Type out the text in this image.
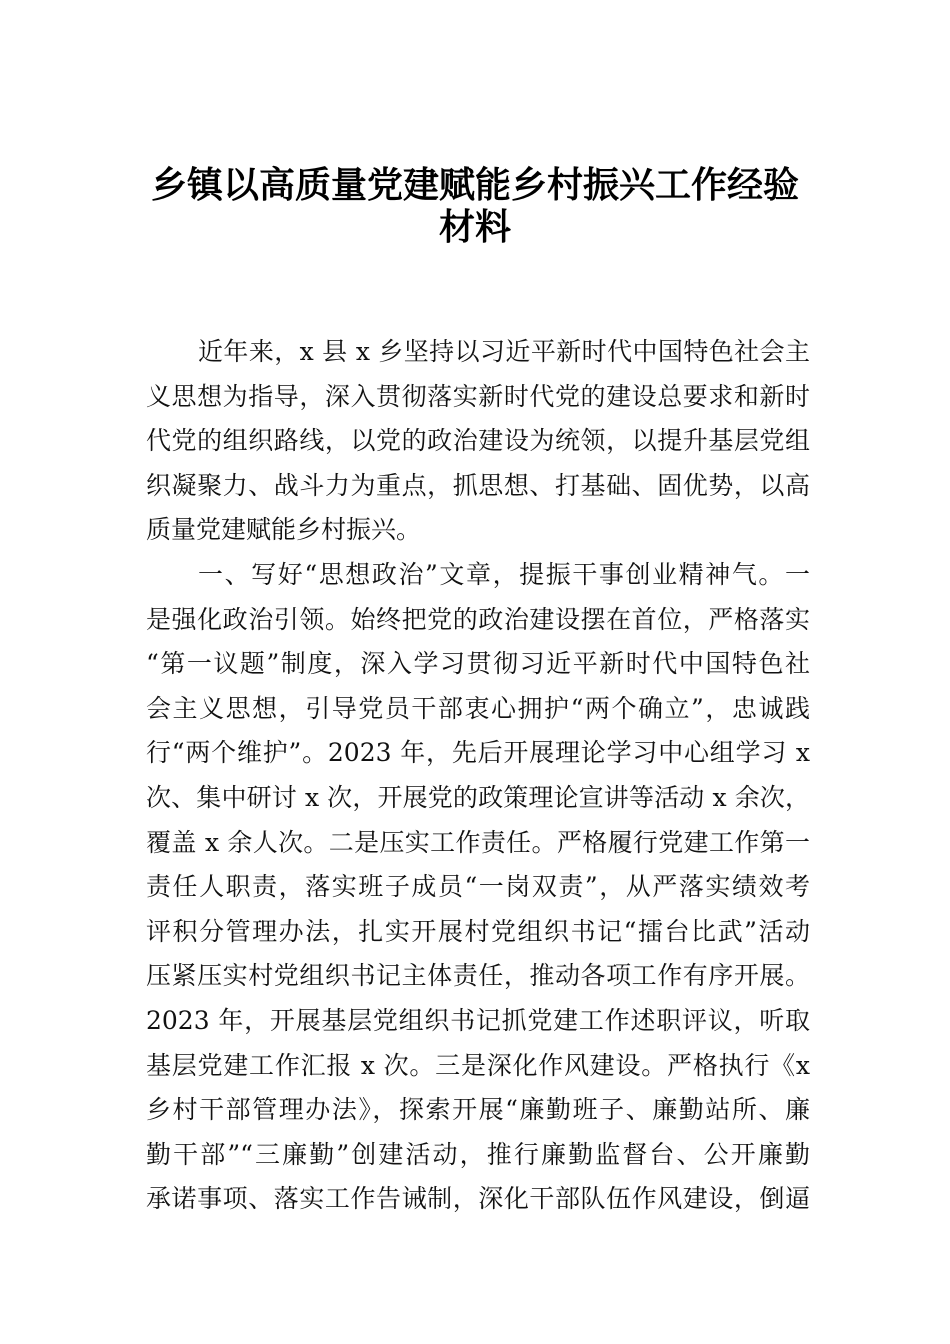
乡镇以高质量党建赋能乡村振兴工作经验
材料
近年来，x 县 x 乡坚持以习近平新时代中国特色社会主
义思想为指导，深入贯彻落实新时代党的建设总要求和新时
代党的组织路线，以党的政治建设为统领，以提升基层党组
织凝聚力、战斗力为重点，抓思想、打基础、固优势，以高
质量党建赋能乡村振兴。
一、写好“思想政治”文章，提振干事创业精神气。一
是强化政治引领。始终把党的政治建设摆在首位，严格落实
“第一议题”制度，深入学习贯彻习近平新时代中国特色社
会主义思想，引导党员干部衷心拥护“两个确立”，忠诚践
行“两个维护”。2023 年，先后开展理论学习中心组学习 x
次、集中研讨 x 次，开展党的政策理论宣讲等活动 x 余次，
覆盖 x 余人次。二是压实工作责任。严格履行党建工作第一
责任人职责，落实班子成员“一岗双责”，从严落实绩效考
评积分管理办法，扎实开展村党组织书记“擂台比武”活动
压紧压实村党组织书记主体责任，推动各项工作有序开展。
2023 年，开展基层党组织书记抓党建工作述职评议，听取
基层党建工作汇报 x 次。三是深化作风建设。严格执行《x
乡村干部管理办法》，探索开展“廉勤班子、廉勤站所、廉
勤干部”“三廉勤”创建活动，推行廉勤监督台、公开廉勤
承诺事项、落实工作告诫制，深化干部队伍作风建设，倒逼
